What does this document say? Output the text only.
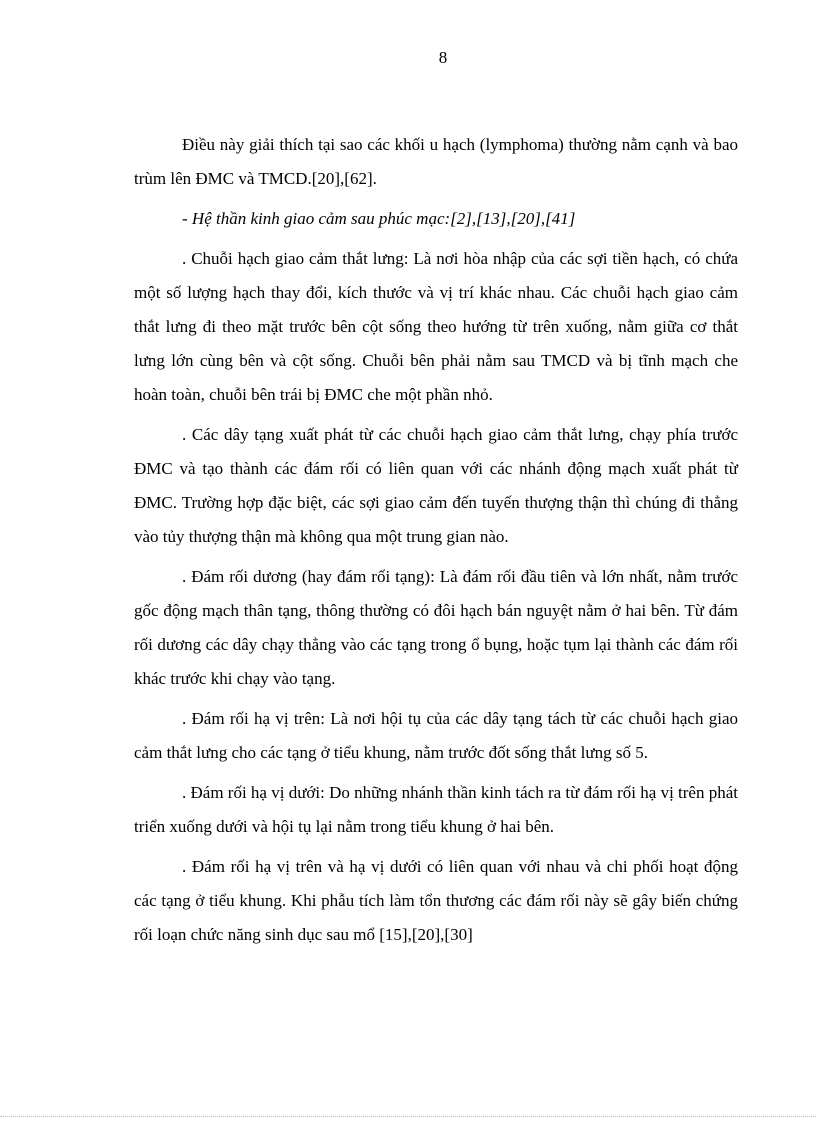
8

Điều này giải thích tại sao các khối u hạch (lymphoma) thường nằm cạnh và bao trùm lên ĐMC và TMCD.[20],[62].

- Hệ thần kinh giao cảm sau phúc mạc:[2],[13],[20],[41]

. Chuỗi hạch giao cảm thắt lưng: Là nơi hòa nhập của các sợi tiền hạch, có chứa một số lượng hạch thay đổi, kích thước và vị trí khác nhau. Các chuỗi hạch giao cảm thắt lưng đi theo mặt trước bên cột sống theo hướng từ trên xuống, nằm giữa cơ thắt lưng lớn cùng bên và cột sống. Chuỗi bên phải nằm sau TMCD và bị tĩnh mạch che hoàn toàn, chuỗi bên trái bị ĐMC che một phần nhỏ.

. Các dây tạng xuất phát từ các chuỗi hạch giao cảm thắt lưng, chạy phía trước ĐMC và tạo thành các đám rối có liên quan với các nhánh động mạch xuất phát từ ĐMC. Trường hợp đặc biệt, các sợi giao cảm đến tuyến thượng thận thì chúng đi thẳng vào tủy thượng thận mà không qua một trung gian nào.

. Đám rối dương (hay đám rối tạng): Là đám rối đầu tiên và lớn nhất, nằm trước gốc động mạch thân tạng, thông thường có đôi hạch bán nguyệt nằm ở hai bên. Từ đám rối dương các dây chạy thẳng vào các tạng trong ổ bụng, hoặc tụm lại thành các đám rối khác trước khi chạy vào tạng.

. Đám rối hạ vị trên: Là nơi hội tụ của các dây tạng tách từ các chuỗi hạch giao cảm thắt lưng cho các tạng ở tiểu khung, nằm trước đốt sống thắt lưng số 5.

. Đám rối hạ vị dưới: Do những nhánh thần kinh tách ra từ đám rối hạ vị trên phát triển xuống dưới và hội tụ lại nằm trong tiểu khung ở hai bên.

. Đám rối hạ vị trên và hạ vị dưới có liên quan với nhau và chi phối hoạt động các tạng ở tiểu khung. Khi phẫu tích làm tổn thương các đám rối này sẽ gây biến chứng rối loạn chức năng sinh dục sau mổ [15],[20],[30]
